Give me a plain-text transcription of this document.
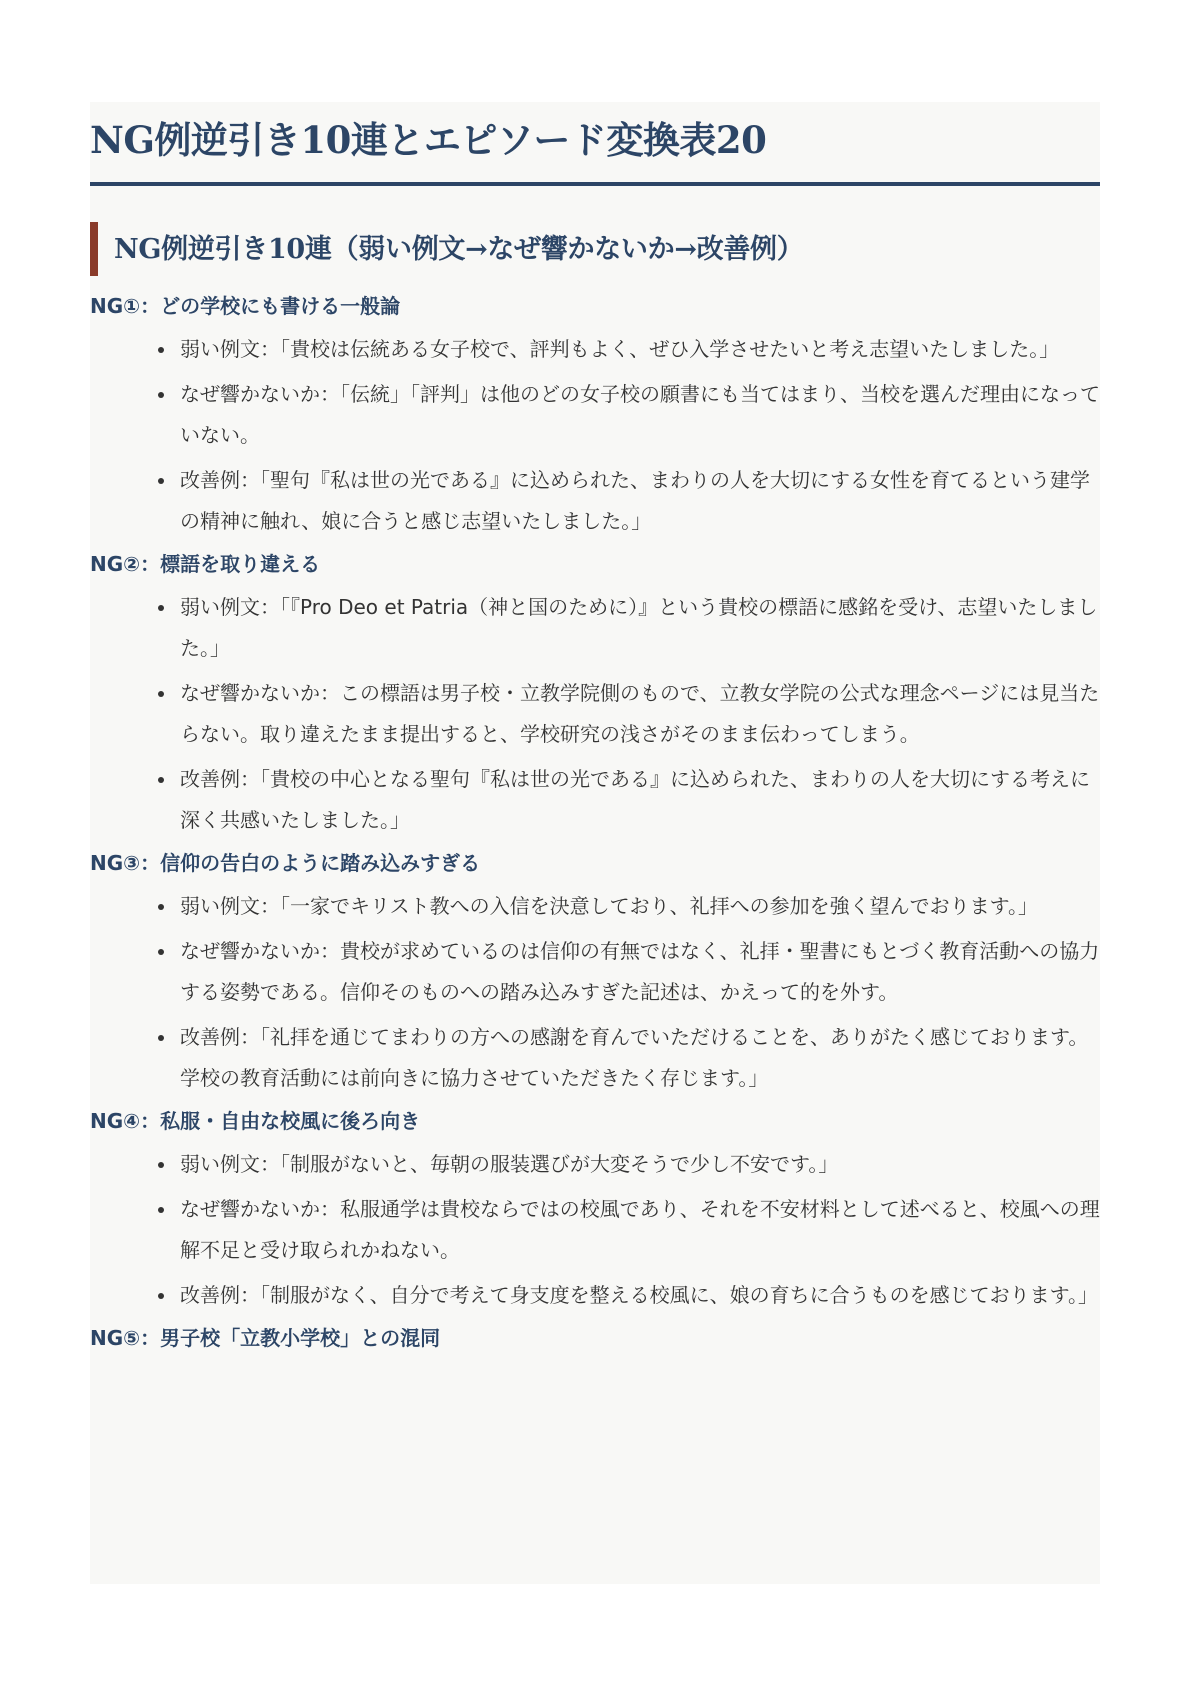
NG例逆引き10連とエピソード変換表20
NG例逆引き10連（弱い例文→なぜ響かないか→改善例）
NG①：どの学校にも書ける一般論
弱い例文：「貴校は伝統ある女子校で、評判もよく、ぜひ入学させたいと考え志望いたしました。」
なぜ響かないか：「伝統」「評判」は他のどの女子校の願書にも当てはまり、当校を選んだ理由になっていない。
改善例：「聖句『私は世の光である』に込められた、まわりの人を大切にする女性を育てるという建学の精神に触れ、娘に合うと感じ志望いたしました。」
NG②：標語を取り違える
弱い例文：「『Pro Deo et Patria（神と国のために）』という貴校の標語に感銘を受け、志望いたしました。」
なぜ響かないか：この標語は男子校・立教学院側のもので、立教女学院の公式な理念ページには見当たらない。取り違えたまま提出すると、学校研究の浅さがそのまま伝わってしまう。
改善例：「貴校の中心となる聖句『私は世の光である』に込められた、まわりの人を大切にする考えに深く共感いたしました。」
NG③：信仰の告白のように踏み込みすぎる
弱い例文：「一家でキリスト教への入信を決意しており、礼拝への参加を強く望んでおります。」
なぜ響かないか：貴校が求めているのは信仰の有無ではなく、礼拝・聖書にもとづく教育活動への協力する姿勢である。信仰そのものへの踏み込みすぎた記述は、かえって的を外す。
改善例：「礼拝を通じてまわりの方への感謝を育んでいただけることを、ありがたく感じております。学校の教育活動には前向きに協力させていただきたく存じます。」
NG④：私服・自由な校風に後ろ向き
弱い例文：「制服がないと、毎朝の服装選びが大変そうで少し不安です。」
なぜ響かないか：私服通学は貴校ならではの校風であり、それを不安材料として述べると、校風への理解不足と受け取られかねない。
改善例：「制服がなく、自分で考えて身支度を整える校風に、娘の育ちに合うものを感じております。」
NG⑤：男子校「立教小学校」との混同
